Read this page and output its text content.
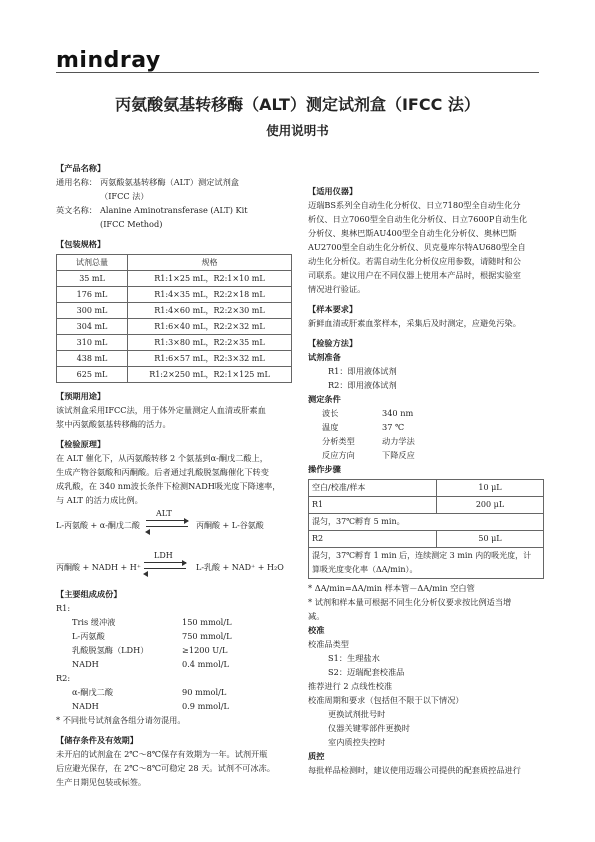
mindray
丙氨酸氨基转移酶（ALT）测定试剂盒（IFCC 法）
使用说明书
【产品名称】
通用名称： 丙氨酸氨基转移酶（ALT）测定试剂盒
（IFCC 法）
英文名称： Alanine Aminotransferase (ALT) Kit
(IFCC Method)
【包装规格】
试剂总量	规格
35 mL	R1:1×25 mL，R2:1×10 mL
176 mL	R1:4×35 mL，R2:2×18 mL
300 mL	R1:4×60 mL，R2:2×30 mL
304 mL	R1:6×40 mL，R2:2×32 mL
310 mL	R1:3×80 mL，R2:2×35 mL
438 mL	R1:6×57 mL，R2:3×32 mL
625 mL	R1:2×250 mL，R2:1×125 mL
【预期用途】
该试剂盒采用IFCC法，用于体外定量测定人血清或肝素血
浆中丙氨酸氨基转移酶的活力。
【检验原理】
在 ALT 催化下，从丙氨酸转移 2 个氨基到α-酮戊二酸上，
生成产物谷氨酸和丙酮酸。后者通过乳酸脱氢酶催化下转变
成乳酸，在 340 nm波长条件下检测NADH吸光度下降速率，
与 ALT 的活力成比例。
L-丙氨酸 + α-酮戊二酸
ALT
丙酮酸 + L-谷氨酸
丙酮酸 + NADH + H⁺
LDH
L-乳酸 + NAD⁺ + H₂O
【主要组成成份】
R1:
Tris 缓冲液	150 mmol/L
L-丙氨酸	750 mmol/L
乳酸脱氢酶（LDH）	≥1200 U/L
NADH	0.4 mmol/L
R2:
α-酮戊二酸	90 mmol/L
NADH	0.9 mmol/L
* 不同批号试剂盒各组分请勿混用。
【储存条件及有效期】
未开启的试剂盒在 2℃～8℃保存有效期为一年。试剂开瓶
后应避光保存，在 2℃～8℃可稳定 28 天。试剂不可冰冻。
生产日期见包装或标签。
【适用仪器】
迈瑞BS系列全自动生化分析仪、日立7180型全自动生化分
析仪、日立7060型全自动生化分析仪、日立7600P自动生化
分析仪、奥林巴斯AU400型全自动生化分析仪、奥林巴斯
AU2700型全自动生化分析仪、贝克曼库尔特AU680型全自
动生化分析仪。若需自动生化分析仪应用参数，请随时和公
司联系。建议用户在不同仪器上使用本产品时，根据实验室
情况进行验证。
【样本要求】
新鲜血清或肝素血浆样本，采集后及时测定，应避免污染。
【检验方法】
试剂准备
R1：即用液体试剂
R2：即用液体试剂
测定条件
波长	340 nm
温度	37 ℃
分析类型	动力学法
反应方向	下降反应
操作步骤
空白/校准/样本	10 μL
R1	200 μL
混匀，37℃孵育 5 min。	
R2	50 μL

混匀，37℃孵育 1 min 后，连续测定 3 min 内的吸光度，计
算吸光度变化率（ΔA/min）。	
* ΔA/min=ΔA/min 样本管－ΔA/min 空白管
* 试剂和样本量可根据不同生化分析仪要求按比例适当增
减。
校准
校准品类型
S1：生理盐水
S2：迈瑞配套校准品
推荐进行 2 点线性校准
校准周期和要求（包括但不限于以下情况）
更换试剂批号时
仪器关键零部件更换时
室内质控失控时
质控
每批样品检测时，建议使用迈瑞公司提供的配套质控品进行
